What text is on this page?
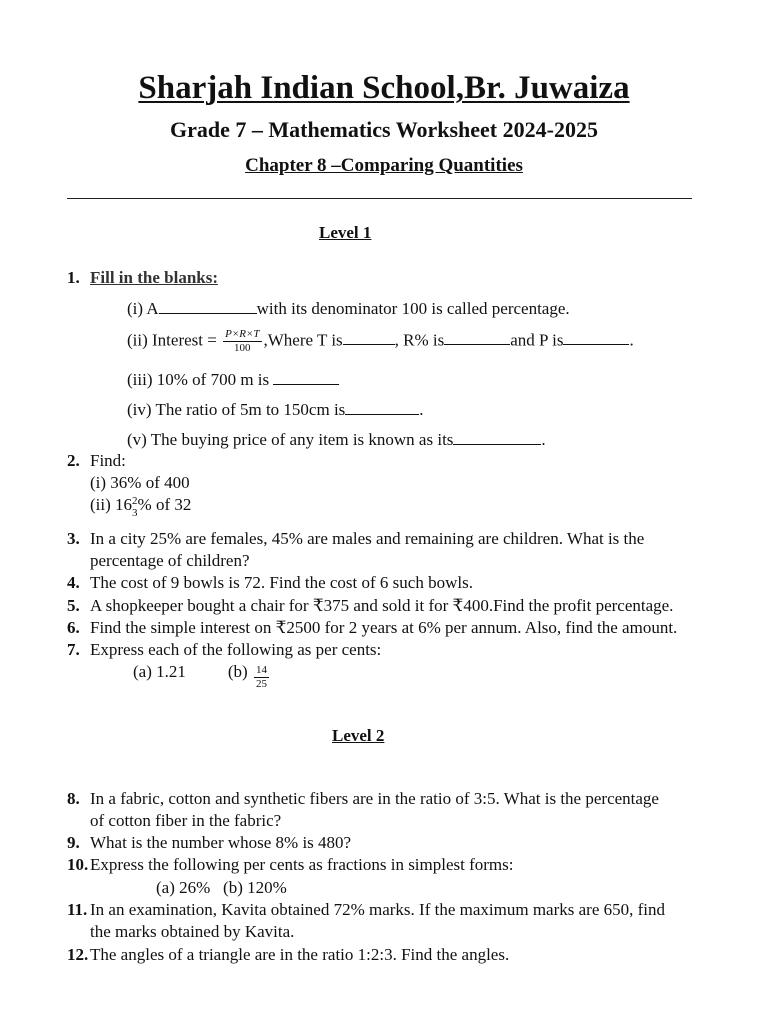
Sharjah Indian School,Br. Juwaiza
Grade 7 – Mathematics Worksheet 2024-2025
Chapter 8 –Comparing Quantities
Level 1
1. Fill in the blanks:
(i) A	with its denominator 100 is called percentage.
(ii) Interest = $\frac{P\times R\times T}{100}$ ,Where T is	, R% is	and P is	.
(iii) 10% of 700 m is
(iv) The ratio of 5m to 150cm is	.
(v) The buying price of any item is known as its	.
2. Find:
(i) 36% of 400
(ii) 16 2
3 % of 32
3. In a city 25% are females, 45% are males and remaining are children. What is the
percentage of children?
4. The cost of 9 bowls is 72. Find the cost of 6 such bowls.
5. A shopkeeper bought a chair for ₹375 and sold it for ₹400.Find the profit percentage.
6. Find the simple interest on ₹2500 for 2 years at 6% per annum. Also, find the amount.
7. Express each of the following as per cents:
(a) 1.21 $(b) \frac{14}{25}$
Level 2
8. In a fabric, cotton and synthetic fibers are in the ratio of 3:5. What is the percentage
of cotton fiber in the fabric?
9. What is the number whose 8% is 480?
10. Express the following per cents as fractions in simplest forms:
(a) 26%   (b) 120%
11. In an examination, Kavita obtained 72% marks. If the maximum marks are 650, find
the marks obtained by Kavita.
12. The angles of a triangle are in the ratio 1:2:3. Find the angles.
